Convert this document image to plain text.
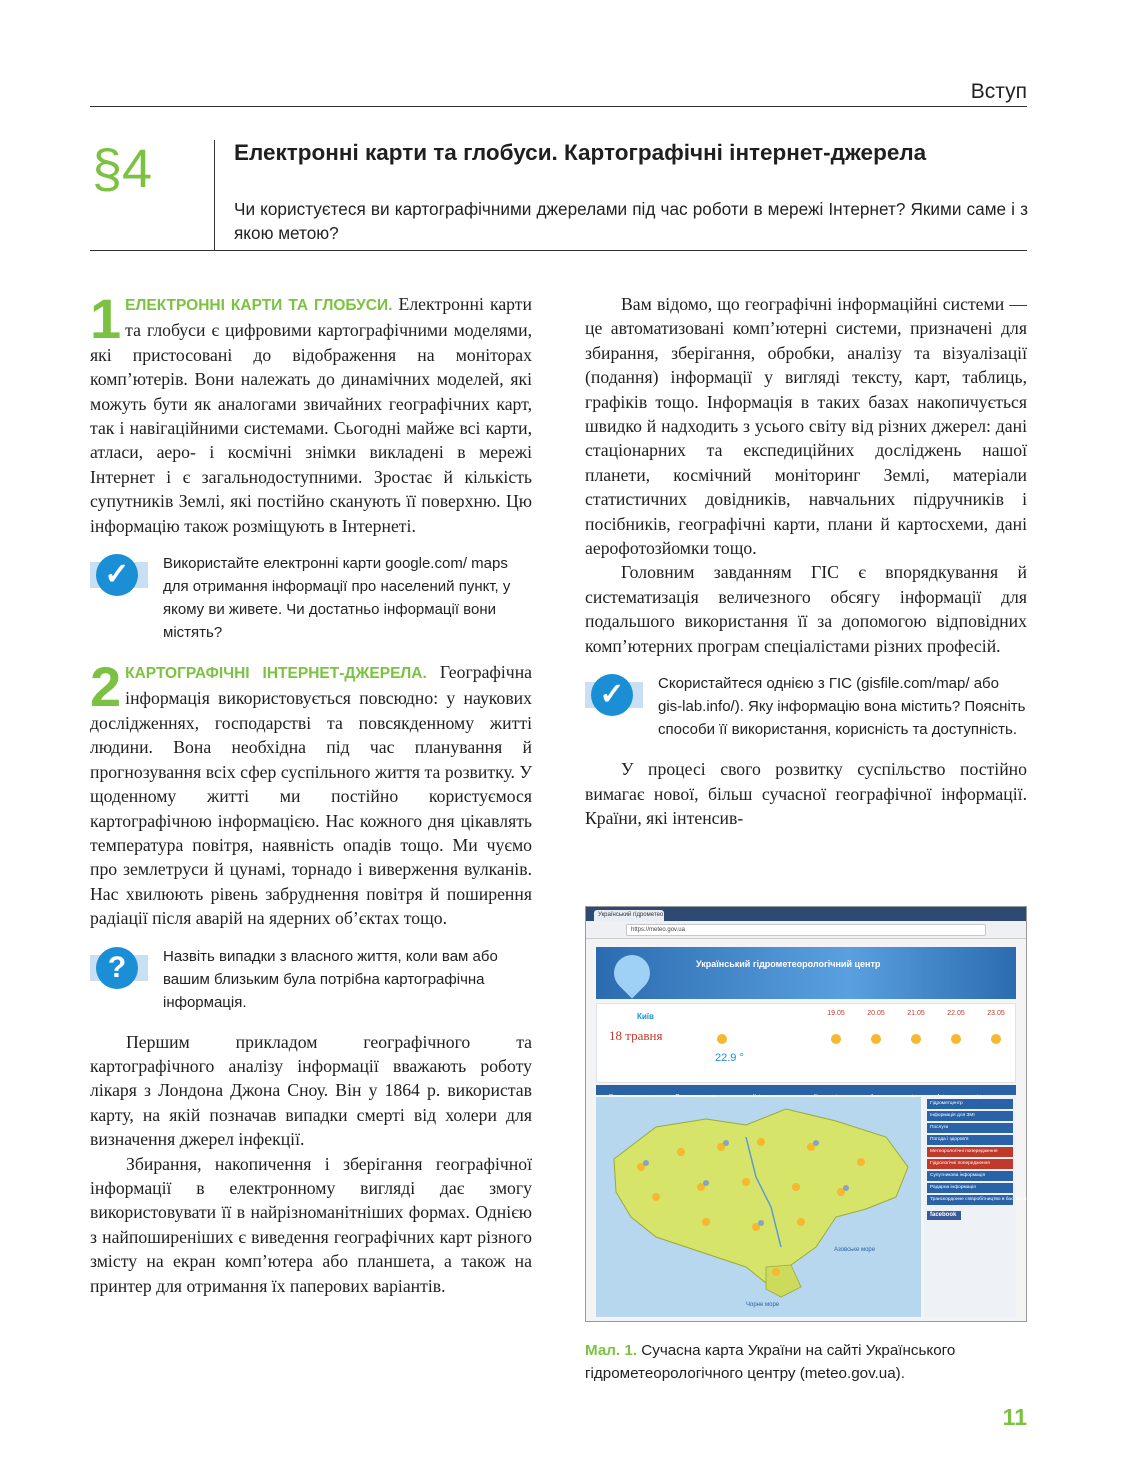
Вступ
§4	Електронні карти та глобуси. Картографічні інтернет-джерела

Чи користуєтеся ви картографічними джерелами під час роботи в мережі Інтернет? Якими саме і з якою метою?

1 ЕЛЕКТРОННІ КАРТИ ТА ГЛОБУСИ. Електронні карти та глобуси є цифровими картографічними моделями, які пристосовані до відображення на моніторах комп’ютерів. Вони належать до динамічних моделей, які можуть бути як аналогами звичайних географічних карт, так і навігаційними системами. Сьогодні майже всі карти, атласи, аеро- і космічні знімки викладені в мережі Інтернет і є загальнодоступними. Зростає й кількість супутників Землі, які постійно сканують її поверхню. Цю інформацію також розміщують в Інтернеті.
✓	Використайте електронні карти google.com/ maps для отримання інформації про населений пункт, у якому ви живете. Чи достатньо інформації вони містять?

2 КАРТОГРАФІЧНІ ІНТЕРНЕТ-ДЖЕРЕЛА. Географічна інформація використовується повсюдно: у наукових дослідженнях, господарстві та повсякденному житті людини. Вона необхідна під час планування й прогнозування всіх сфер суспільного життя та розвитку. У щоденному житті ми постійно користуємося картографічною інформацією. Нас кожного дня цікавлять температура повітря, наявність опадів тощо. Ми чуємо про землетруси й цунамі, торнадо і виверження вулканів. Нас хвилюють рівень забруднення повітря й поширення радіації після аварій на ядерних об’єктах тощо.
?	Назвіть випадки з власного життя, коли вам або вашим близьким була потрібна картографічна інформація.

Першим прикладом географічного та картографічного аналізу інформації вважають роботу лікаря з Лондона Джона Сноу. Він у 1864 р. використав карту, на якій позначав випадки смерті від холери для визначення джерел інфекції.

Збирання, накопичення і зберігання географічної інформації в електронному вигляді дає змогу використовувати її в найрізноманітніших формах. Однією з найпоширеніших є виведення географічних карт різного змісту на екран комп’ютера або планшета, а також на принтер для отримання їх паперових варіантів.

Вам відомо, що географічні інформаційні системи — це автоматизовані комп’ютерні системи, призначені для збирання, зберігання, обробки, аналізу та візуалізації (подання) інформації у вигляді тексту, карт, таблиць, графіків тощо. Інформація в таких базах накопичується швидко й надходить з усього світу від різних джерел: дані стаціонарних та експедиційних досліджень нашої планети, космічний моніторинг Землі, матеріали статистичних довідників, навчальних підручників і посібників, географічні карти, плани й картосхеми, дані аерофотозйомки тощо.

Головним завданням ГІС є впорядкування й систематизація величезного обсягу інформації для подальшого використання її за допомогою відповідних комп’ютерних програм спеціалістами різних професій.

✓	Скористайтеся однією з ГІС (gisfile.com/map/ або gis-lab.info/). Яку інформацію вона містить? Поясніть способи її використання, корисність та доступність.

У процесі свого розвитку суспільство постійно вимагає нової, більш сучасної географічної інформації. Країни, які інтенсив-

Український гідрометео
https://meteo.gov.ua
Український гідрометеорологічний центр
Київ
18 травня
22.9 °
19.05	20.05	21.05	22.05	23.05
Азовське море
Чорне море
Гідрометцентр
Інформація для ЗМІ
Послуги
Погода і здоров'я
Метеорологічні попередження
Гідрологічні попередження
Супутникова інформація
Радарна інформація
Транскордонне співробітництво в басейні р. Дністер
facebook

Мал. 1. Сучасна карта України на сайті Українського гідрометеорологічного центру (meteo.gov.ua).

11
